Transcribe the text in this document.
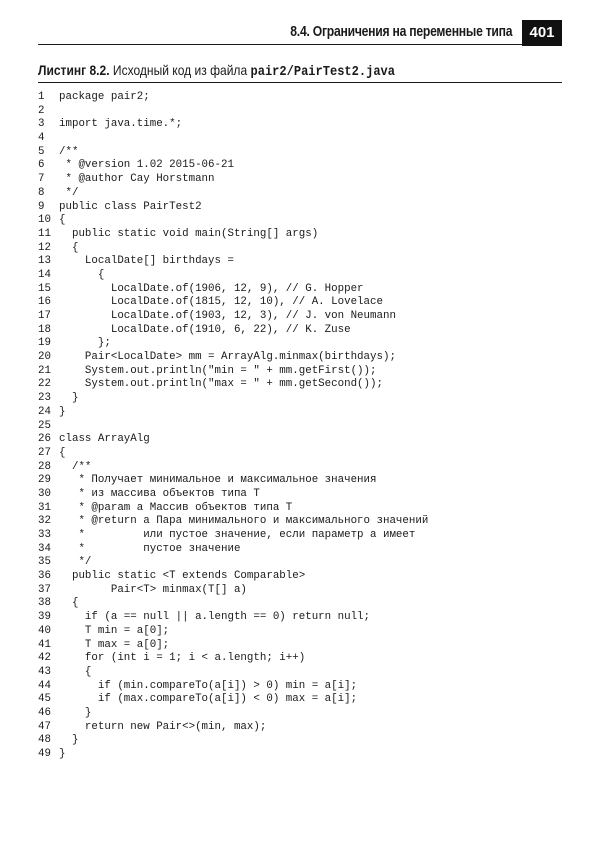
8.4. Ограничения на переменные типа	401
Листинг 8.2. Исходный код из файла pair2/PairTest2.java
1	package pair2;
2
3	import java.time.*;
4
5	/**
6	* @version 1.02 2015-06-21
7	* @author Cay Horstmann
8	*/
9	public class PairTest2
10 {
11 public static void main(String[] args)
12 {
13 LocalDate[] birthdays =
14 {
15 LocalDate.of(1906, 12, 9), // G. Hopper
16 LocalDate.of(1815, 12, 10), // A. Lovelace
17 LocalDate.of(1903, 12, 3), // J. von Neumann
18 LocalDate.of(1910, 6, 22), // K. Zuse
19 };
20 Pair<LocalDate> mm = ArrayAlg.minmax(birthdays);
21 System.out.println("min = " + mm.getFirst());
22 System.out.println("max = " + mm.getSecond());
23 }
24 }
25
26 class ArrayAlg
27 {
28 /**
29 * Получает минимальное и максимальное значения
30 * из массива объектов типа T
31 * @param a Массив объектов типа T
32 * @return a Пара минимального и максимального значений
33 *         или пустое значение, если параметр a имеет
34 *         пустое значение
35 */
36 public static <T extends Comparable>
37 Pair<T> minmax(T[] a)
38 {
39 if (a == null || a.length == 0) return null;
40 T min = a[0];
41 T max = a[0];
42 for (int i = 1; i < a.length; i++)
43 {
44 if (min.compareTo(a[i]) > 0) min = a[i];
45 if (max.compareTo(a[i]) < 0) max = a[i];
46 }
47 return new Pair<>(min, max);
48 }
49 }
